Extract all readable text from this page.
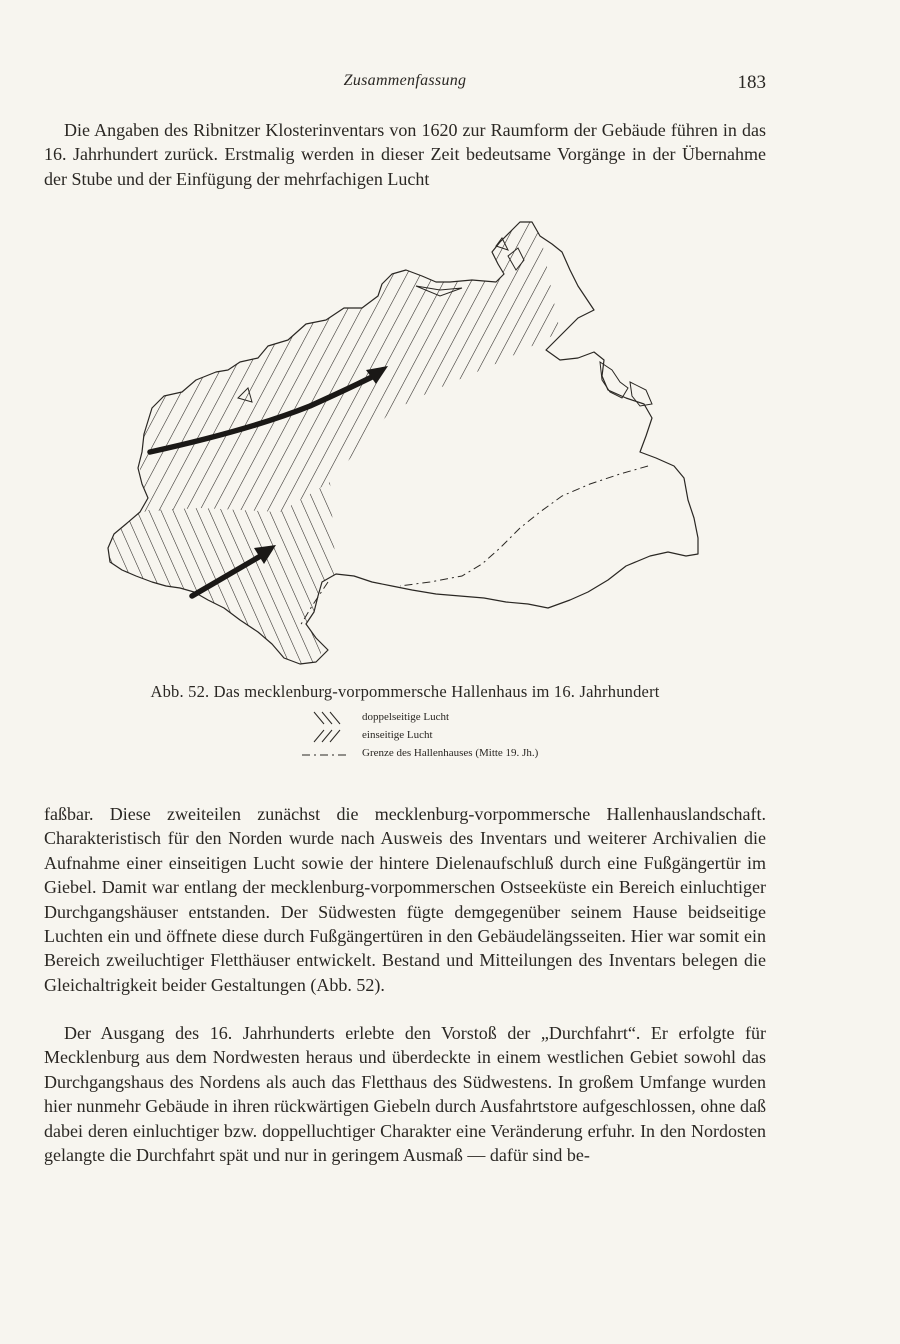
Zusammenfassung	183

Die Angaben des Ribnitzer Klosterinventars von 1620 zur Raumform der Gebäude führen in das 16. Jahrhundert zurück. Erstmalig werden in dieser Zeit bedeutsame Vorgänge in der Übernahme der Stube und der Einfügung der mehrfachigen Lucht

Abb. 52. Das mecklenburg-vorpommersche Hallenhaus im 16. Jahrhundert
doppelseitige Lucht
einseitige Lucht
Grenze des Hallenhauses (Mitte 19. Jh.)

faßbar. Diese zweiteilen zunächst die mecklenburg-vorpommersche Hallenhauslandschaft. Charakteristisch für den Norden wurde nach Ausweis des Inventars und weiterer Archivalien die Aufnahme einer einseitigen Lucht sowie der hintere Dielenaufschluß durch eine Fußgängertür im Giebel. Damit war entlang der mecklenburg-vorpommerschen Ostseeküste ein Bereich einluchtiger Durchgangshäuser entstanden. Der Südwesten fügte demgegenüber seinem Hause beidseitige Luchten ein und öffnete diese durch Fußgängertüren in den Gebäudelängsseiten. Hier war somit ein Bereich zweiluchtiger Fletthäuser entwickelt. Bestand und Mitteilungen des Inventars belegen die Gleichaltrigkeit beider Gestaltungen (Abb. 52).

Der Ausgang des 16. Jahrhunderts erlebte den Vorstoß der „Durchfahrt“. Er erfolgte für Mecklenburg aus dem Nordwesten heraus und überdeckte in einem westlichen Gebiet sowohl das Durchgangshaus des Nordens als auch das Fletthaus des Südwestens. In großem Umfange wurden hier nunmehr Gebäude in ihren rückwärtigen Giebeln durch Ausfahrtstore aufgeschlossen, ohne daß dabei deren einluchtiger bzw. doppelluchtiger Charakter eine Veränderung erfuhr. In den Nordosten gelangte die Durchfahrt spät und nur in geringem Ausmaß — dafür sind be-
